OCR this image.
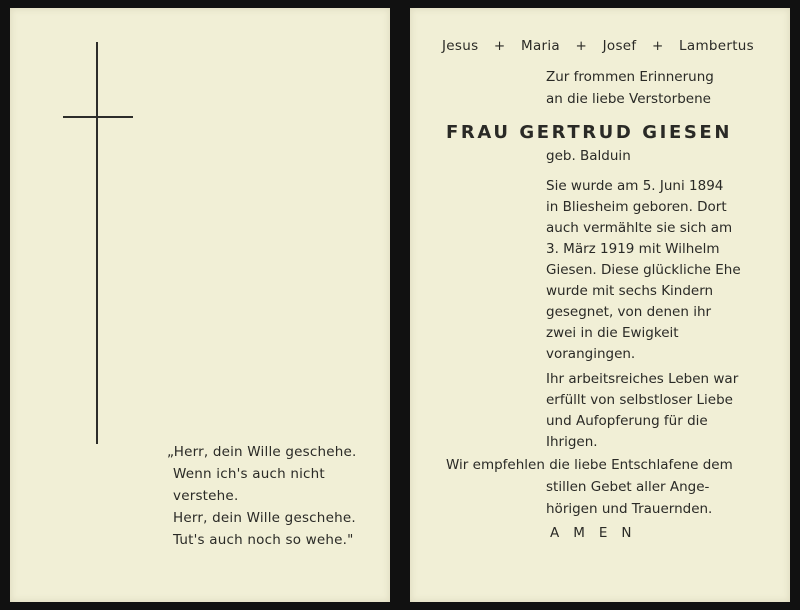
„Herr, dein Wille geschehe.
Wenn ich's auch nicht
verstehe.
Herr, dein Wille geschehe.
Tut's auch noch so wehe."
Jesus + Maria + Josef + Lambertus
Zur frommen Erinnerung
an die liebe Verstorbene
FRAU GERTRUD GIESEN
geb. Balduin
Sie wurde am 5. Juni 1894
in Bliesheim geboren. Dort
auch vermählte sie sich am
3. März 1919 mit Wilhelm
Giesen. Diese glückliche Ehe
wurde mit sechs Kindern
gesegnet, von denen ihr
zwei in die Ewigkeit
vorangingen.
Ihr arbeitsreiches Leben war
erfüllt von selbstloser Liebe
und Aufopferung für die
Ihrigen.
Wir empfehlen die liebe Entschlafene dem
stillen Gebet aller Ange-
hörigen und Trauernden.
AMEN
